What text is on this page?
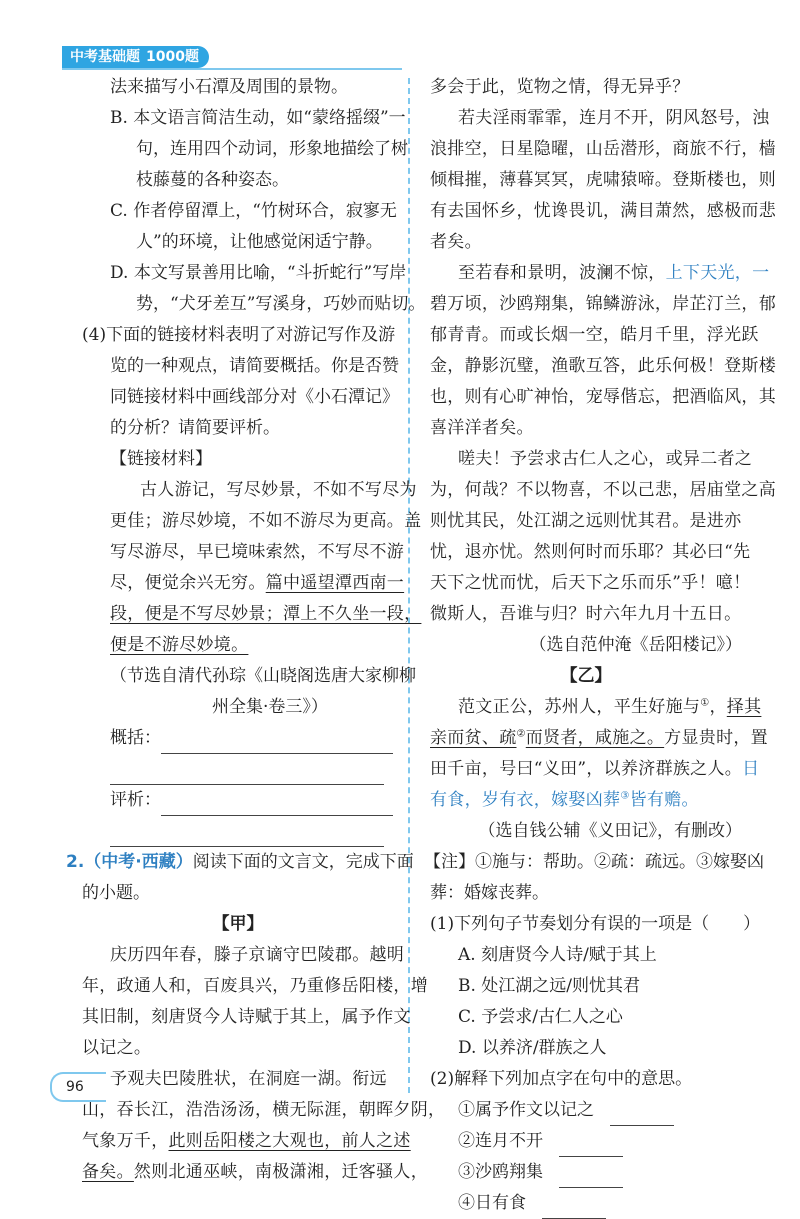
中考基础题 1000题
法来描写小石潭及周围的景物。
B. 本文语言简洁生动，如“蒙络摇缀”一
句，连用四个动词，形象地描绘了树
枝藤蔓的各种姿态。
C. 作者停留潭上，“竹树环合，寂寥无
人”的环境，让他感觉闲适宁静。
D. 本文写景善用比喻，“斗折蛇行”写岸
势，“犬牙差互”写溪身，巧妙而贴切。
(4)下面的链接材料表明了对游记写作及游
览的一种观点，请简要概括。你是否赞
同链接材料中画线部分对《小石潭记》
的分析？请简要评析。
【链接材料】
古人游记，写尽妙景，不如不写尽为
更佳；游尽妙境，不如不游尽为更高。盖
写尽游尽，早已境味索然，不写尽不游
尽，便觉余兴无穷。篇中遥望潭西南一
段，便是不写尽妙景；潭上不久坐一段，
便是不游尽妙境。
（节选自清代孙琮《山晓阁选唐大家柳柳
州全集·卷三》）
概括：
评析：
2.（中考·西藏）阅读下面的文言文，完成下面
的小题。
【甲】
庆历四年春，滕子京谪守巴陵郡。越明
年，政通人和，百废具兴，乃重修岳阳楼，增
其旧制，刻唐贤今人诗赋于其上，属予作文
以记之。
予观夫巴陵胜状，在洞庭一湖。衔远
山，吞长江，浩浩汤汤，横无际涯，朝晖夕阴，
气象万千，此则岳阳楼之大观也，前人之述
备矣。然则北通巫峡，南极潇湘，迁客骚人，
多会于此，览物之情，得无异乎？
若夫淫雨霏霏，连月不开，阴风怒号，浊
浪排空，日星隐曜，山岳潜形，商旅不行，樯
倾楫摧，薄暮冥冥，虎啸猿啼。登斯楼也，则
有去国怀乡，忧谗畏讥，满目萧然，感极而悲
者矣。
至若春和景明，波澜不惊，上下天光，一
碧万顷，沙鸥翔集，锦鳞游泳，岸芷汀兰，郁
郁青青。而或长烟一空，皓月千里，浮光跃
金，静影沉璧，渔歌互答，此乐何极！登斯楼
也，则有心旷神怡，宠辱偕忘，把酒临风，其
喜洋洋者矣。
嗟夫！予尝求古仁人之心，或异二者之
为，何哉？不以物喜，不以己悲，居庙堂之高
则忧其民，处江湖之远则忧其君。是进亦
忧，退亦忧。然则何时而乐耶？其必曰“先
天下之忧而忧，后天下之乐而乐”乎！噫！
微斯人，吾谁与归？时六年九月十五日。
（选自范仲淹《岳阳楼记》）
【乙】
范文正公，苏州人，平生好施与①，择其
亲而贫、疏②而贤者，咸施之。方显贵时，置
田千亩，号曰“义田”，以养济群族之人。日
有食，岁有衣，嫁娶凶葬③皆有赡。
（选自钱公辅《义田记》，有删改）
【注】①施与：帮助。②疏：疏远。③嫁娶凶
葬：婚嫁丧葬。
(1)下列句子节奏划分有误的一项是（　　）
A. 刻唐贤今人诗/赋于其上
B. 处江湖之远/则忧其君
C. 予尝求/古仁人之心
D. 以养济/群族之人
(2)解释下列加点字在句中的意思。
①属予作文以记之
②连月不开
③沙鸥翔集
④日有食
96
